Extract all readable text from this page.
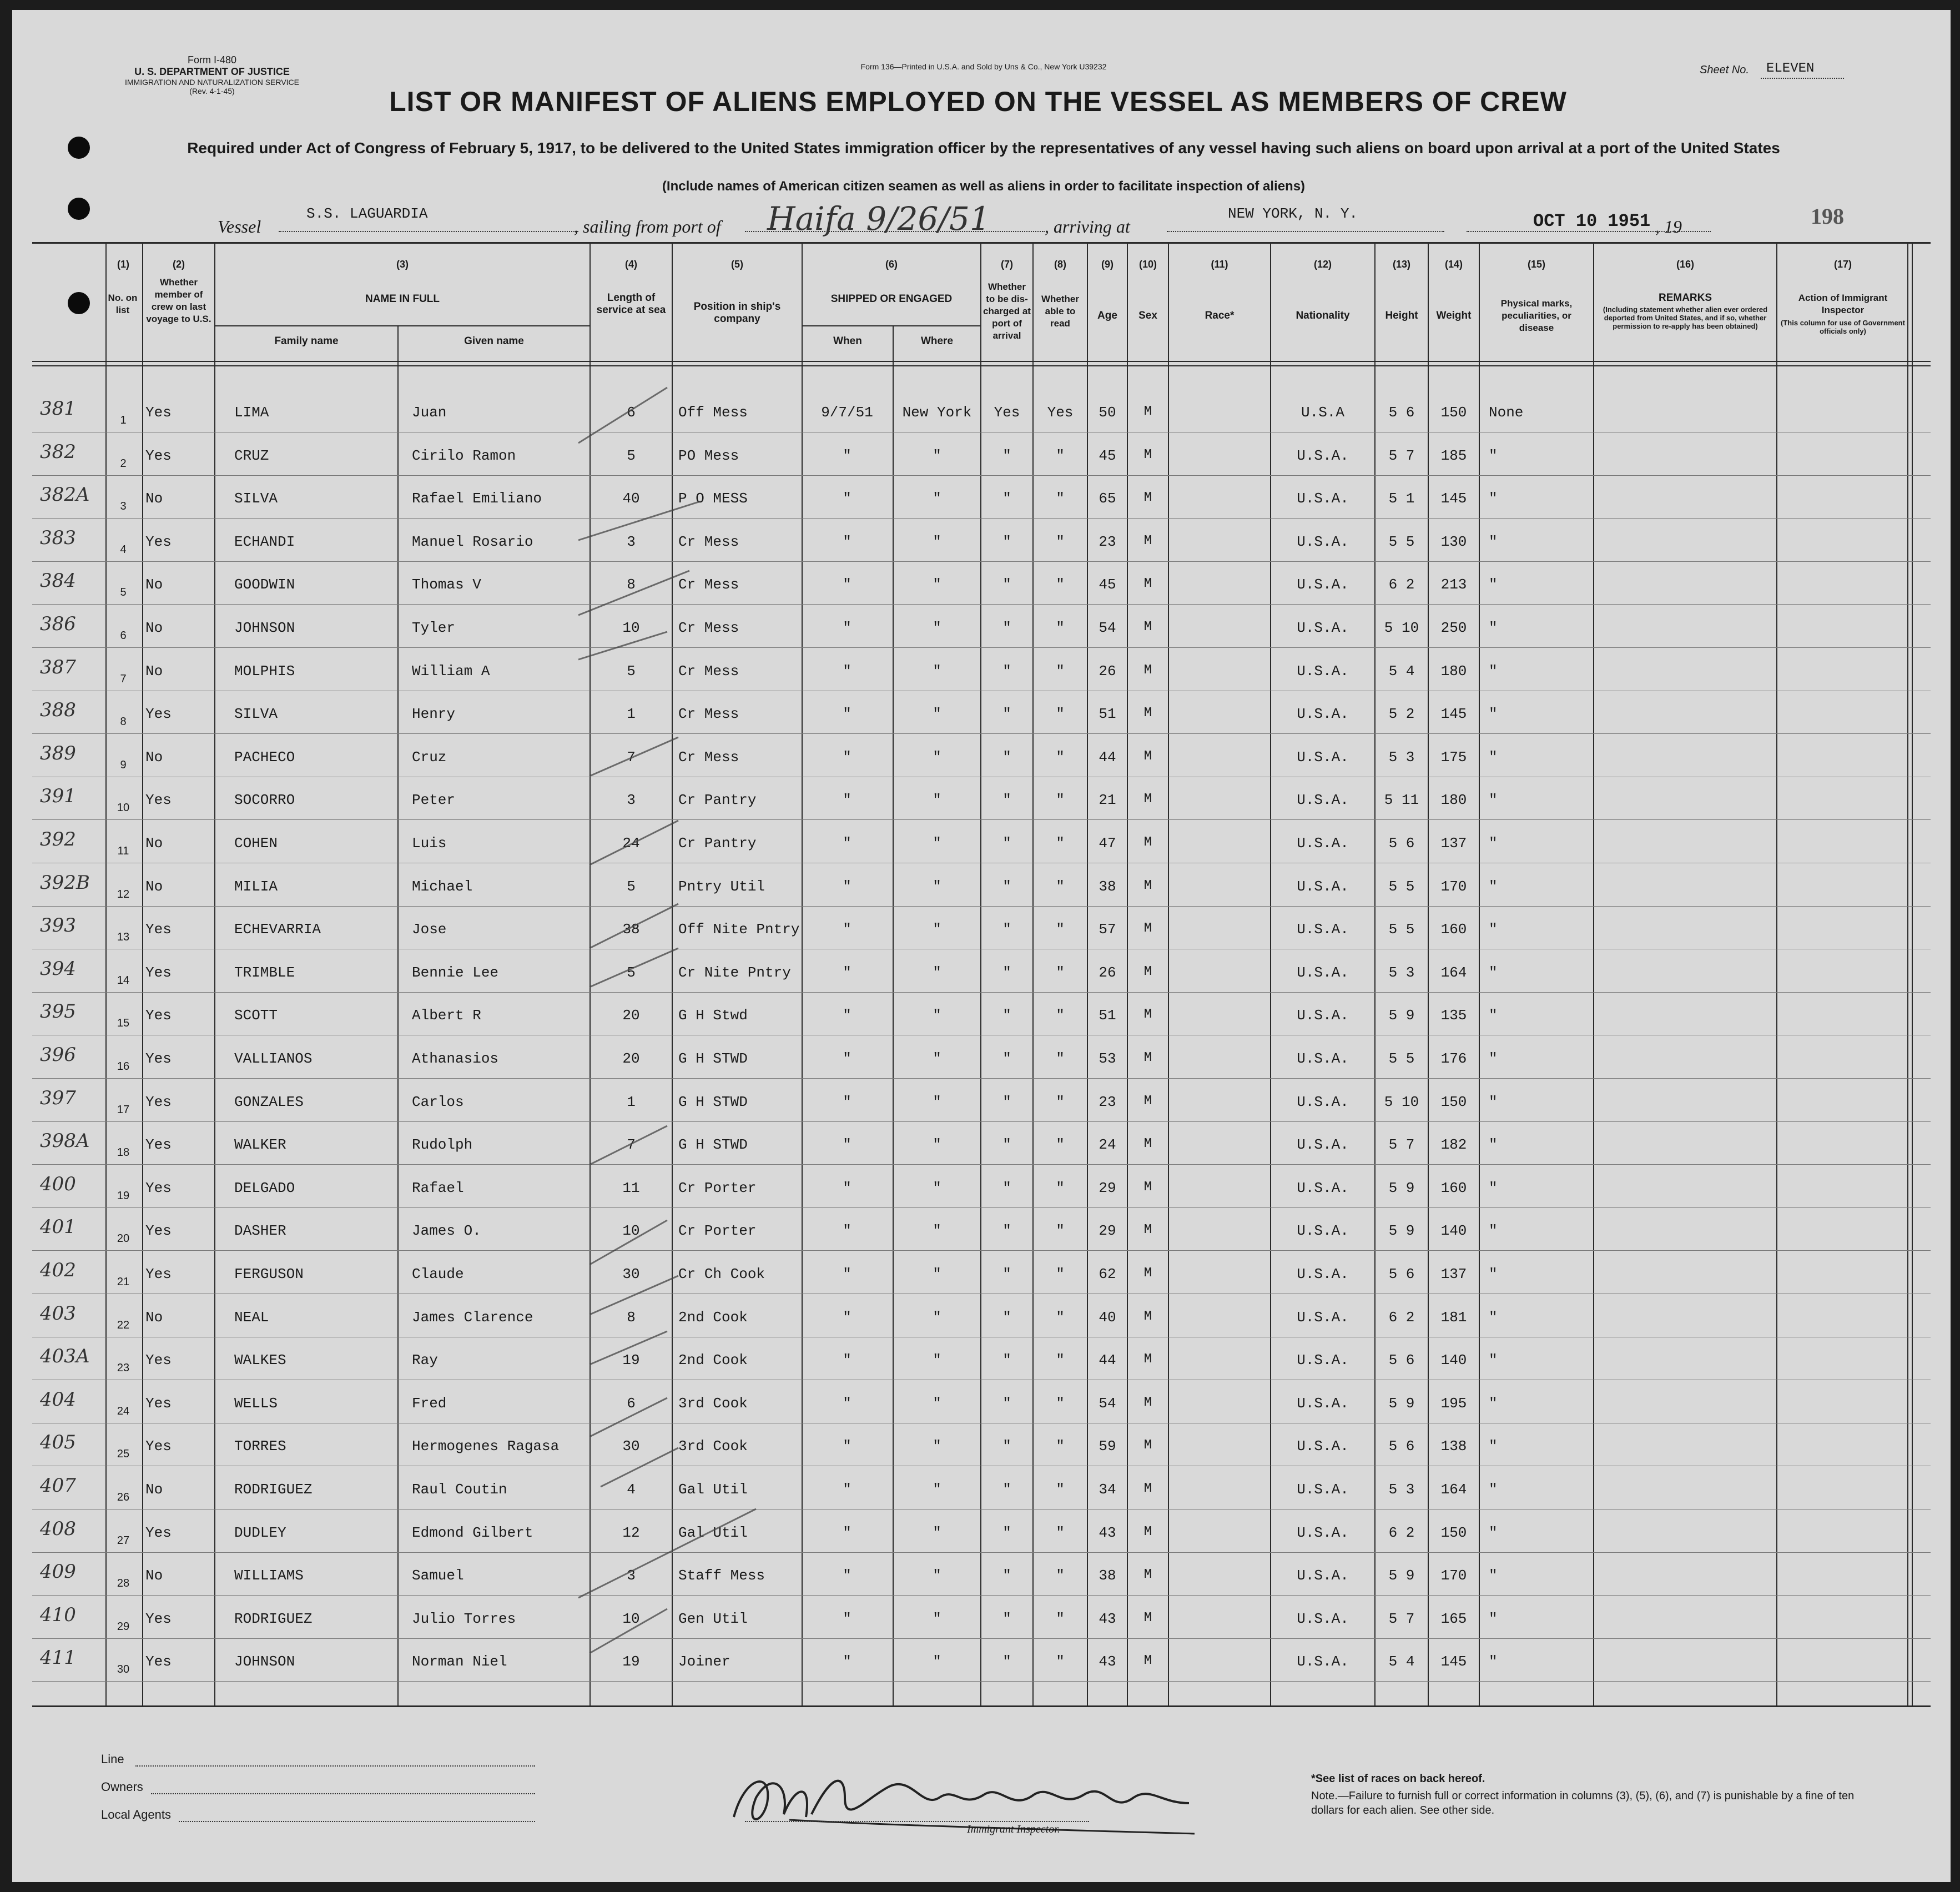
Form I-480
U. S. DEPARTMENT OF JUSTICE
IMMIGRATION AND NATURALIZATION SERVICE
(Rev. 4-1-45)
Form 136—Printed in U.S.A. and Sold by Uns & Co., New York U39232	Sheet No. ELEVEN
LIST OR MANIFEST OF ALIENS EMPLOYED ON THE VESSEL AS MEMBERS OF CREW
Required under Act of Congress of February 5, 1917, to be delivered to the United States immigration officer by the representatives of any vessel having such aliens on board upon arrival at a port of the United States
(Include names of American citizen seamen as well as aliens in order to facilitate inspection of aliens)
Vessel
S.S. LAGUARDIA
, sailing from port of Haifa 9/26/51	, arriving at
NEW YORK, N. Y.	OCT 10 1951 , 19	198
(1)
No. on list
(2)
Whether member of crew on last voyage to U.S.
(3)
NAME IN FULL
Family name	Given name
(4)
Length of service at sea
(5)
Position in ship's company
(6)
SHIPPED OR ENGAGED
When	Where
(7)
Whether to be dis-charged at port of arrival
(8)
Whether able to read
(9)
Age
(10)
Sex
(11)
Race*
(12)
Nationality
(13)
Height
(14)
Weight
(15)
Physical marks, peculiarities, or disease
(16)
REMARKS
(Including statement whether alien ever ordered deported from United States, and if so, whether permission to re-apply has been obtained)
(17)
Action of Immigrant Inspector
(This column for use of Government officials only)
381
1	Yes	LIMA	Juan	6	Off Mess	9/7/51	New York	Yes	Yes	50	M	U.S.A	5 6	150	None
382
2	Yes	CRUZ	Cirilo Ramon	5	PO Mess	"	"	"	"	45	M	U.S.A.	5 7	185	"
382A
3	No	SILVA	Rafael Emiliano	40	P O MESS	"	"	"	"	65	M	U.S.A.	5 1	145	"
383
4	Yes	ECHANDI	Manuel Rosario	3	Cr Mess	"	"	"	"	23	M	U.S.A.	5 5	130	"
384
5	No	GOODWIN	Thomas V	8	Cr Mess	"	"	"	"	45	M	U.S.A.	6 2	213	"
386
6	No	JOHNSON	Tyler	10	Cr Mess	"	"	"	"	54	M	U.S.A.	5 10	250	"
387
7	No	MOLPHIS	William A	5	Cr Mess	"	"	"	"	26	M	U.S.A.	5 4	180	"
388
8	Yes	SILVA	Henry	1	Cr Mess	"	"	"	"	51	M	U.S.A.	5 2	145	"
389
9	No	PACHECO	Cruz	7	Cr Mess	"	"	"	"	44	M	U.S.A.	5 3	175	"
391
10	Yes	SOCORRO	Peter	3	Cr Pantry	"	"	"	"	21	M	U.S.A.	5 11	180	"
392
11	No	COHEN	Luis	24	Cr Pantry	"	"	"	"	47	M	U.S.A.	5 6	137	"
392B
12	No	MILIA	Michael	5	Pntry Util	"	"	"	"	38	M	U.S.A.	5 5	170	"
393
13	Yes	ECHEVARRIA	Jose	38	Off Nite Pntry	"	"	"	"	57	M	U.S.A.	5 5	160	"
394
14	Yes	TRIMBLE	Bennie Lee	5	Cr Nite Pntry	"	"	"	"	26	M	U.S.A.	5 3	164	"
395
15	Yes	SCOTT	Albert R	20	G H Stwd	"	"	"	"	51	M	U.S.A.	5 9	135	"
396
16	Yes	VALLIANOS	Athanasios	20	G H STWD	"	"	"	"	53	M	U.S.A.	5 5	176	"
397
17	Yes	GONZALES	Carlos	1	G H STWD	"	"	"	"	23	M	U.S.A.	5 10	150	"
398A
18	Yes	WALKER	Rudolph	7	G H STWD	"	"	"	"	24	M	U.S.A.	5 7	182	"
400
19	Yes	DELGADO	Rafael	11	Cr Porter	"	"	"	"	29	M	U.S.A.	5 9	160	"
401
20	Yes	DASHER	James O.	10	Cr Porter	"	"	"	"	29	M	U.S.A.	5 9	140	"
402
21	Yes	FERGUSON	Claude	30	Cr Ch Cook	"	"	"	"	62	M	U.S.A.	5 6	137	"
403
22	No	NEAL	James Clarence	8	2nd Cook	"	"	"	"	40	M	U.S.A.	6 2	181	"
403A
23	Yes	WALKES	Ray	19	2nd Cook	"	"	"	"	44	M	U.S.A.	5 6	140	"
404
24	Yes	WELLS	Fred	6	3rd Cook	"	"	"	"	54	M	U.S.A.	5 9	195	"
405
25	Yes	TORRES	Hermogenes Ragasa	30	3rd Cook	"	"	"	"	59	M	U.S.A.	5 6	138	"
407
26	No	RODRIGUEZ	Raul Coutin	4	Gal Util	"	"	"	"	34	M	U.S.A.	5 3	164	"
408
27	Yes	DUDLEY	Edmond Gilbert	12	Gal Util	"	"	"	"	43	M	U.S.A.	6 2	150	"
409
28	No	WILLIAMS	Samuel	3	Staff Mess	"	"	"	"	38	M	U.S.A.	5 9	170	"
410
29	Yes	RODRIGUEZ	Julio Torres	10	Gen Util	"	"	"	"	43	M	U.S.A.	5 7	165	"
411
30	Yes	JOHNSON	Norman Niel	19	Joiner	"	"	"	"	43	M	U.S.A.	5 4	145	"
Line
Owners
Local Agents
Immigrant Inspector.
*See list of races on back hereof.
Note.—Failure to furnish full or correct information in columns (3), (5), (6), and (7) is punishable by a fine of ten dollars for each alien. See other side.
